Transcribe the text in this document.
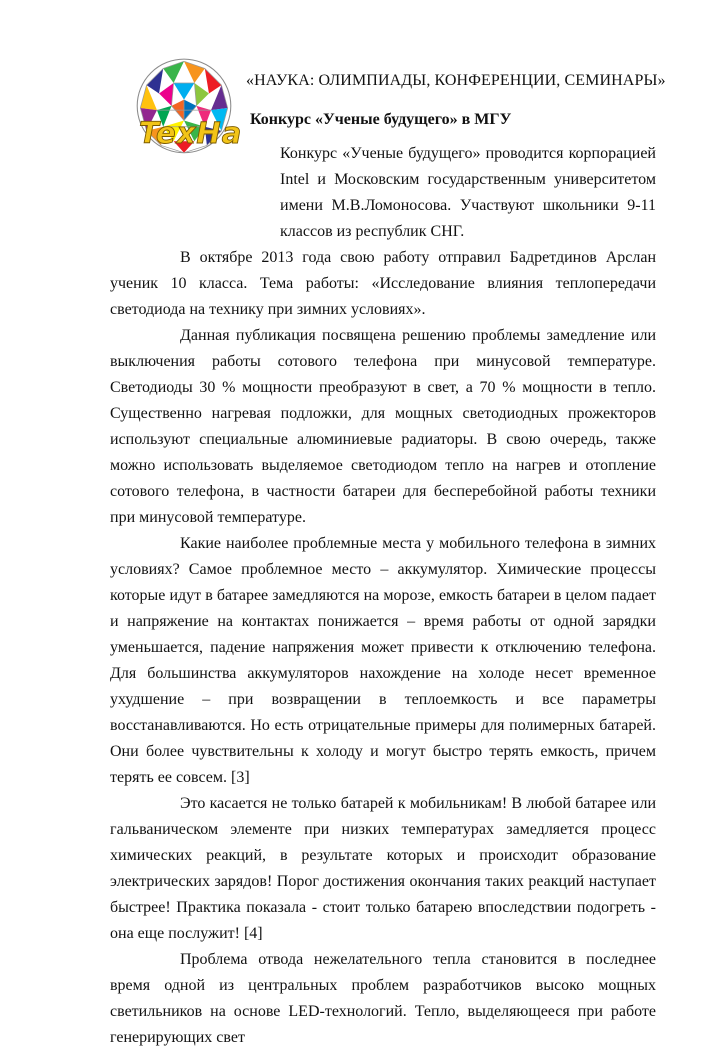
TexHa
«НАУКА: ОЛИМПИАДЫ, КОНФЕРЕНЦИИ, СЕМИНАРЫ»
Конкурс «Ученые будущего» в МГУ

Конкурс «Ученые будущего» проводится корпорацией Intel и Московским государственным университетом имени М.В.Ломоносова. Участвуют школьники 9-11 классов из республик СНГ.

В октябре 2013 года свою работу отправил Бадретдинов Арслан ученик 10 класса. Тема работы: «Исследование влияния теплопередачи светодиода на технику при зимних условиях».

Данная публикация посвящена решению проблемы замедление или выключения работы сотового телефона при минусовой температуре. Светодиоды 30 % мощности преобразуют в свет, а 70 % мощности в тепло. Существенно нагревая подложки, для мощных светодиодных прожекторов используют специальные алюминиевые радиаторы. В свою очередь, также можно использовать выделяемое светодиодом тепло на нагрев и отопление сотового телефона, в частности батареи для бесперебойной работы техники при минусовой температуре.

Какие наиболее проблемные места у мобильного телефона в зимних условиях? Самое проблемное место – аккумулятор. Химические процессы которые идут в батарее замедляются на морозе, емкость батареи в целом падает и напряжение на контактах понижается – время работы от одной зарядки уменьшается, падение напряжения может привести к отключению телефона. Для большинства аккумуляторов нахождение на холоде несет временное ухудшение – при возвращении в теплоемкость и все параметры восстанавливаются. Но есть отрицательные примеры для полимерных батарей. Они более чувствительны к холоду и могут быстро терять емкость, причем терять ее совсем. [3]

Это касается не только батарей к мобильникам! В любой батарее или гальваническом элементе при низких температурах замедляется процесс химических реакций, в результате которых и происходит образование электрических зарядов! Порог достижения окончания таких реакций наступает быстрее! Практика показала - стоит только батарею впоследствии подогреть - она еще послужит! [4]

Проблема отвода нежелательного тепла становится в последнее время одной из центральных проблем разработчиков высоко мощных светильников на основе LED-технологий. Тепло, выделяющееся при работе генерирующих свет
